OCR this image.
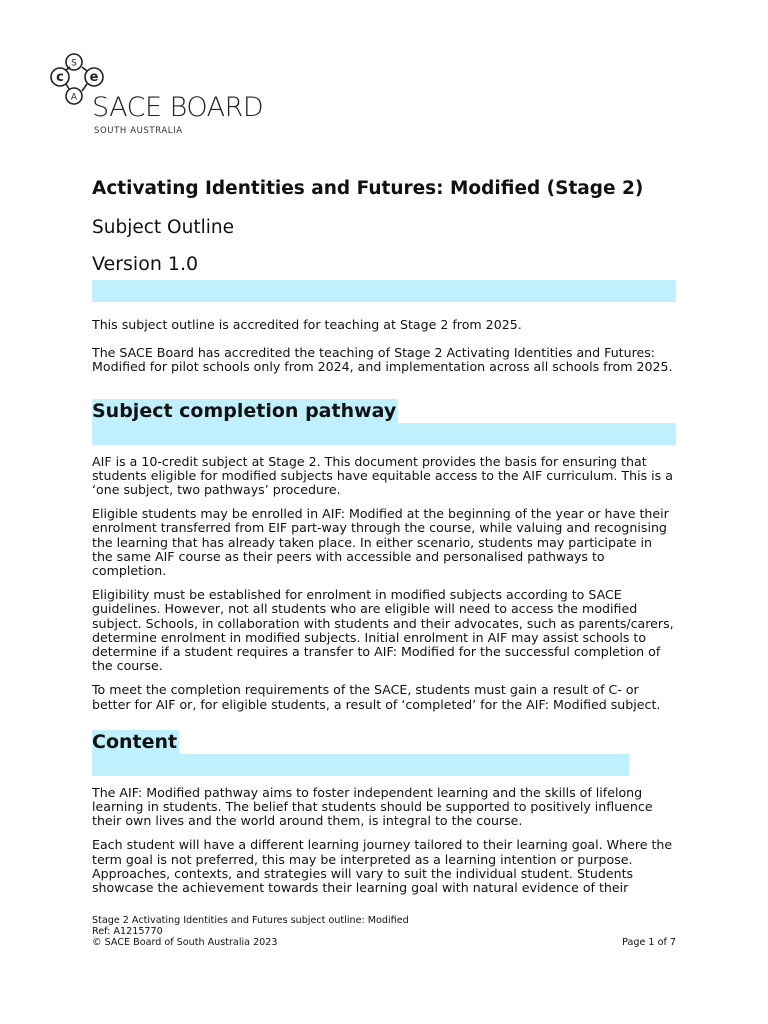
S
c e
A SACE BOARD
SOUTH AUSTRALIA
Activating Identities and Futures: Modified (Stage 2)
Subject Outline
Version 1.0

This subject outline is accredited for teaching at Stage 2 from 2025.

The SACE Board has accredited the teaching of Stage 2 Activating Identities and Futures: Modified for pilot schools only from 2024, and implementation across all schools from 2025.

Subject completion pathway

AIF is a 10-credit subject at Stage 2. This document provides the basis for ensuring that students eligible for modified subjects have equitable access to the AIF curriculum. This is a ‘one subject, two pathways’ procedure.

Eligible students may be enrolled in AIF: Modified at the beginning of the year or have their enrolment transferred from EIF part-way through the course, while valuing and recognising the learning that has already taken place. In either scenario, students may participate in the same AIF course as their peers with accessible and personalised pathways to completion.

Eligibility must be established for enrolment in modified subjects according to SACE guidelines. However, not all students who are eligible will need to access the modified subject. Schools, in collaboration with students and their advocates, such as parents/carers, determine enrolment in modified subjects. Initial enrolment in AIF may assist schools to determine if a student requires a transfer to AIF: Modified for the successful completion of the course.

To meet the completion requirements of the SACE, students must gain a result of C- or better for AIF or, for eligible students, a result of ‘completed’ for the AIF: Modified subject.

Content

The AIF: Modified pathway aims to foster independent learning and the skills of lifelong learning in students. The belief that students should be supported to positively influence their own lives and the world around them, is integral to the course.

Each student will have a different learning journey tailored to their learning goal. Where the term goal is not preferred, this may be interpreted as a learning intention or purpose. Approaches, contexts, and strategies will vary to suit the individual student. Students showcase the achievement towards their learning goal with natural evidence of their

Stage 2 Activating Identities and Futures subject outline: Modified
Ref: A1215770
© SACE Board of South Australia 2023	Page 1 of 7
